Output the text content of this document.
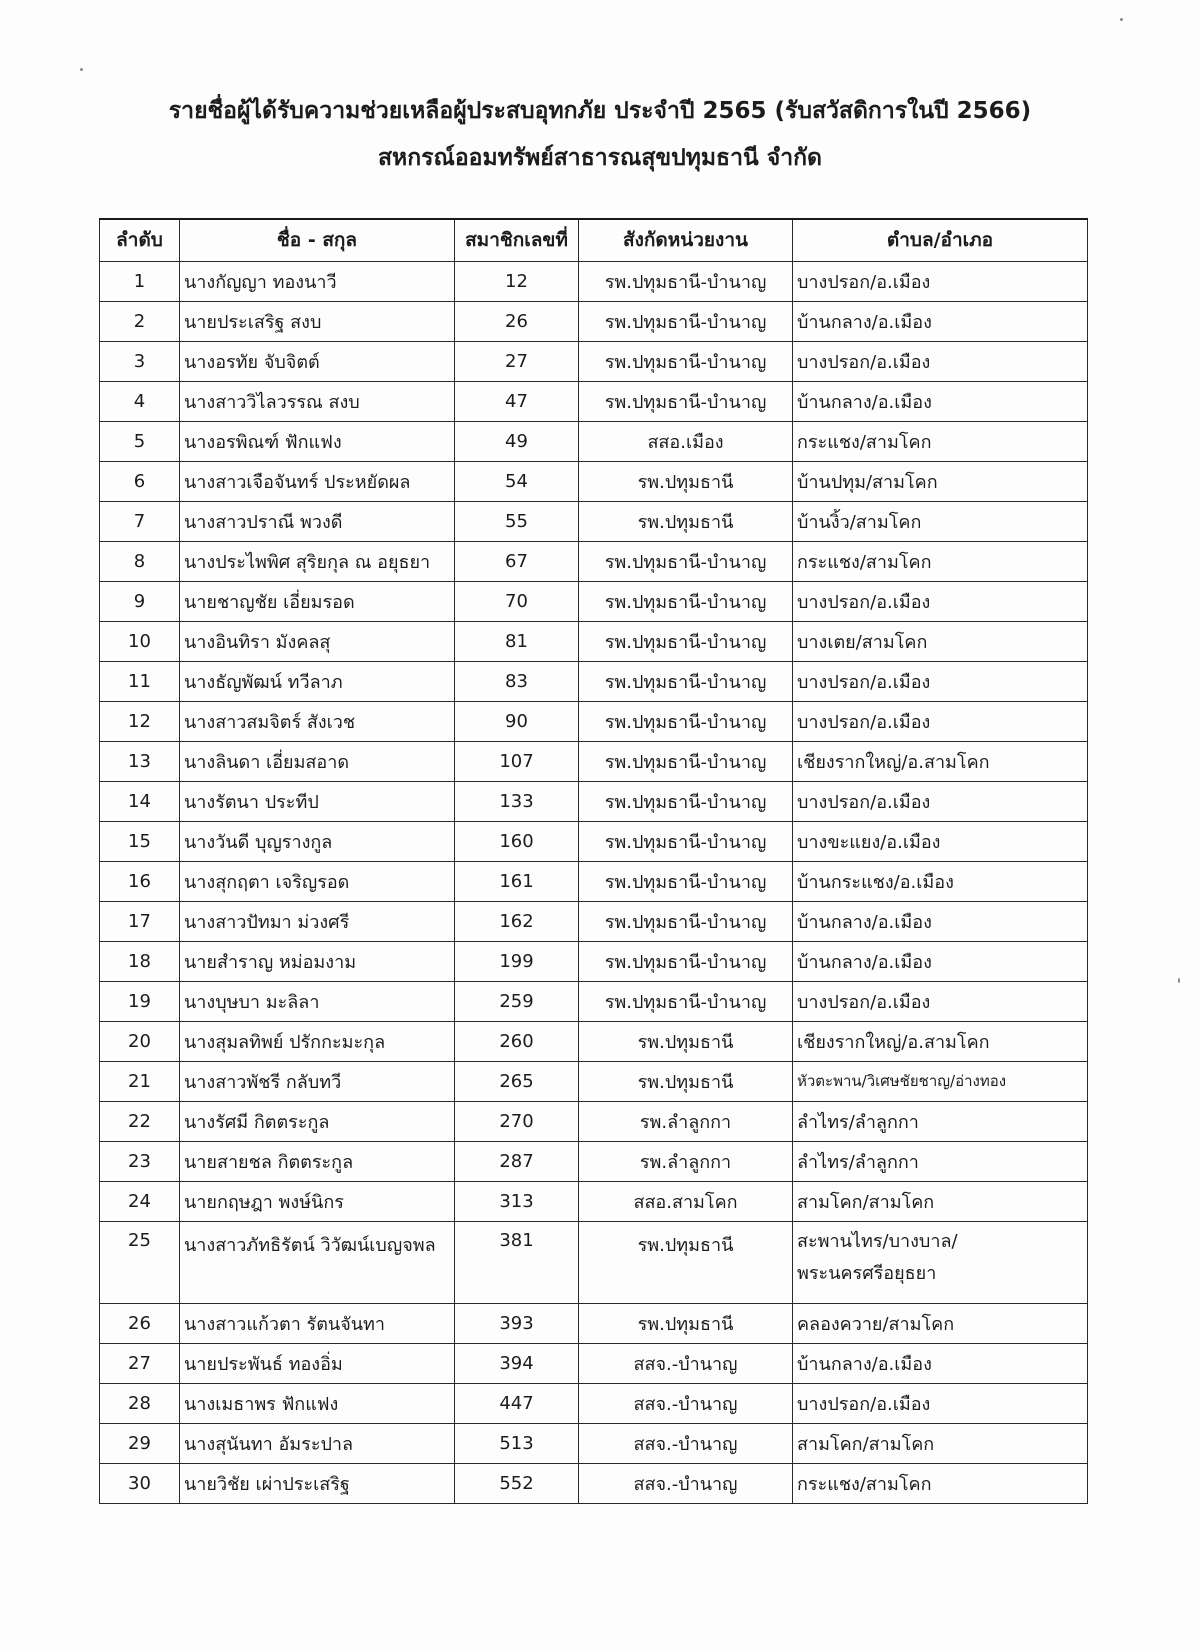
รายชื่อผู้ได้รับความช่วยเหลือผู้ประสบอุทกภัย ประจำปี 2565 (รับสวัสดิการในปี 2566)
สหกรณ์ออมทรัพย์สาธารณสุขปทุมธานี จำกัด
ลำดับ	ชื่อ - สกุล	สมาชิกเลขที่	สังกัดหน่วยงาน	ตำบล/อำเภอ
1	นางกัญญา ทองนาวี	12	รพ.ปทุมธานี-บำนาญ	บางปรอก/อ.เมือง
2	นายประเสริฐ สงบ	26	รพ.ปทุมธานี-บำนาญ	บ้านกลาง/อ.เมือง
3	นางอรทัย จับจิตต์	27	รพ.ปทุมธานี-บำนาญ	บางปรอก/อ.เมือง
4	นางสาววิไลวรรณ สงบ	47	รพ.ปทุมธานี-บำนาญ	บ้านกลาง/อ.เมือง
5	นางอรพิณฑ์ ฟักแฟง	49	สสอ.เมือง	กระแชง/สามโคก
6	นางสาวเจือจันทร์ ประหยัดผล	54	รพ.ปทุมธานี	บ้านปทุม/สามโคก
7	นางสาวปราณี พวงดี	55	รพ.ปทุมธานี	บ้านงิ้ว/สามโคก
8	นางประไพพิศ สุริยกุล ณ อยุธยา	67	รพ.ปทุมธานี-บำนาญ	กระแชง/สามโคก
9	นายชาญชัย เอี่ยมรอด	70	รพ.ปทุมธานี-บำนาญ	บางปรอก/อ.เมือง
10	นางอินทิรา มังคลสุ	81	รพ.ปทุมธานี-บำนาญ	บางเตย/สามโคก
11	นางธัญพัฒน์ ทวีลาภ	83	รพ.ปทุมธานี-บำนาญ	บางปรอก/อ.เมือง
12	นางสาวสมจิตร์ สังเวช	90	รพ.ปทุมธานี-บำนาญ	บางปรอก/อ.เมือง
13	นางลินดา เอี่ยมสอาด	107	รพ.ปทุมธานี-บำนาญ	เชียงรากใหญ่/อ.สามโคก
14	นางรัตนา ประทีป	133	รพ.ปทุมธานี-บำนาญ	บางปรอก/อ.เมือง
15	นางวันดี บุญรางกูล	160	รพ.ปทุมธานี-บำนาญ	บางขะแยง/อ.เมือง
16	นางสุกฤตา เจริญรอด	161	รพ.ปทุมธานี-บำนาญ	บ้านกระแชง/อ.เมือง
17	นางสาวปัทมา ม่วงศรี	162	รพ.ปทุมธานี-บำนาญ	บ้านกลาง/อ.เมือง
18	นายสำราญ หม่อมงาม	199	รพ.ปทุมธานี-บำนาญ	บ้านกลาง/อ.เมือง
19	นางบุษบา มะลิลา	259	รพ.ปทุมธานี-บำนาญ	บางปรอก/อ.เมือง
20	นางสุมลทิพย์ ปรักกะมะกุล	260	รพ.ปทุมธานี	เชียงรากใหญ่/อ.สามโคก
21	นางสาวพัชรี กลับทวี	265	รพ.ปทุมธานี	หัวตะพาน/วิเศษชัยชาญ/อ่างทอง
22	นางรัศมี กิตตระกูล	270	รพ.ลำลูกกา	ลำไทร/ลำลูกกา
23	นายสายชล กิตตระกูล	287	รพ.ลำลูกกา	ลำไทร/ลำลูกกา
24	นายกฤษฎา พงษ์นิกร	313	สสอ.สามโคก	สามโคก/สามโคก
25	นางสาวภัทธิรัตน์ วิวัฒน์เบญจพล	381	รพ.ปทุมธานี	สะพานไทร/บางบาล/ พระนครศรีอยุธยา
26	นางสาวแก้วตา รัตนจันทา	393	รพ.ปทุมธานี	คลองควาย/สามโคก
27	นายประพันธ์ ทองอิ่ม	394	สสจ.-บำนาญ	บ้านกลาง/อ.เมือง
28	นางเมธาพร ฟักแฟง	447	สสจ.-บำนาญ	บางปรอก/อ.เมือง
29	นางสุนันทา อัมระปาล	513	สสจ.-บำนาญ	สามโคก/สามโคก
30	นายวิชัย เผ่าประเสริฐ	552	สสจ.-บำนาญ	กระแชง/สามโคก
